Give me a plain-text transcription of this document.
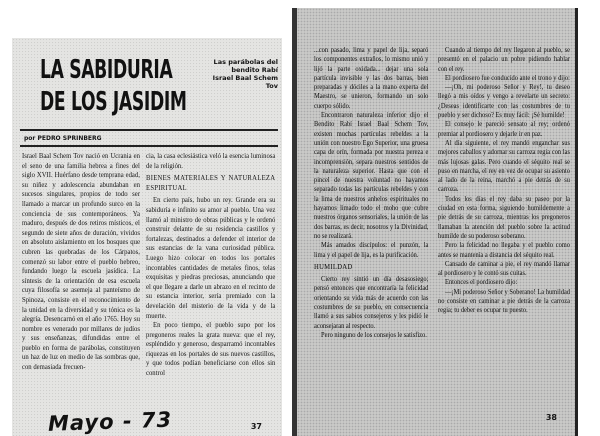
LA SABIDURIA
DE LOS JASIDIM
Las parábolas del bendito Rabí Israel Baal Schem Tov
por PEDRO SPRINBERG

Israel Baal Schem Tov nació en Ucrania en el seno de una familia hebrea a fines del siglo XVII. Huérfano desde temprana edad, su niñez y adolescencia abundaban en sucesos singulares, propios de todo ser llamado a marcar un profundo surco en la conciencia de sus contemporáneos. Ya maduro, después de dos retiros místicos, el segundo de siete años de duración, vividos en absoluto aislamiento en los bosques que cubren las quebradas de los Cárpatos, comenzó su labor entre el pueblo hebreo, fundando luego la escuela jasídica. La síntesis de la orientación de esa escuela cuya filosofía se asemeja al panteísmo de Spinoza, consiste en el reconocimiento de la unidad en la diversidad y su tónica es la alegría. Desencarnó en el año 1765. Hoy su nombre es venerado por millares de judíos y sus enseñanzas, difundidas entre el pueblo en forma de parábolas, constituyen un haz de luz en medio de las sombras que, con demasiada frecuen-

Mayo - 73

cia, la casa eclesiástica veló la esencia luminosa de la religión.

BIENES MATERIALES Y NATURALEZA ESPIRITUAL

En cierto país, hubo un rey. Grande era su sabiduría e infinito su amor al pueblo. Una vez llamó al ministro de obras públicas y le ordenó construir delante de su residencia castillos y fortalezas, destinados a defender el interior de sus estancias de la vana curiosidad pública. Luego hizo colocar en todos los portales incontables cantidades de metales finos, telas exquisitas y piedras preciosas, anunciando que el que llegare a darle un abrazo en el recinto de su estancia interior, sería premiado con la develación del misterio de la vida y de la muerte.

En poco tiempo, el pueblo supo por los pregoneros reales la grata nueva: que el rey, espléndido y generoso, desparramó incontables riquezas en los portales de sus nuevos castillos, y que todos podían beneficiarse con ellos sin control

37

...con pasado, lima y papel de lija, separó los componentes extraños, lo mismo unió y lijó la parte oxidada... dejar una sola partícula invisible y las dos barras, bien preparadas y dóciles a la mano experta del Maestro, se unieron, formando un solo cuerpo sólido.

Encontraron naturaleza inferior dijo el Bendito Rabí Israel Baal Schem Tov, existen muchas partículas rebeldes a la unión con nuestro Ego Superior, una gruesa capa de orín, formada por nuestra pereza e incomprensión, separa nuestros sentidos de la naturaleza superior. Hasta que con el pincel de nuestra voluntad no hayamos separado todas las partículas rebeldes y con la lima de nuestros anhelos espirituales no hayamos limado todo el moho que cubre nuestros órganos sensoriales, la unión de las dos barras, es decir, nosotros y la Divinidad, no se realizará.

Más amados discípulos: el punzón, la lima y el papel de lija, es la purificación.

HUMILDAD

Cierto rey sintió un día desasosiego; pensó entonces que encontraría la felicidad orientando su vida más de acuerdo con las costumbres de su pueblo, en consecuencia llamó a sus sabios consejeros y les pidió le aconsejaran al respecto.

Pero ninguno de los consejos le satisfizo.

Cuando al tiempo del rey llegaron al pueblo, se presentó en el palacio un pobre pidiendo hablar con el rey.

El pordiosero fue conducido ante el trono y dijo:

—¡Oh, mi poderoso Señor y Rey!, tu deseo llegó a mis oídos y vengo a revelarte un secreto: ¿Deseas identificarte con las costumbres de tu pueblo y ser dichoso? Es muy fácil: ¡Sé humilde!

El consejo le pareció sensato al rey; ordenó premiar al pordiosero y dejarle ir en paz.

Al día siguiente, el rey mandó enganchar sus mejores caballos y adornar su carroza regia con las más lujosas galas. Pero cuando el séquito real se puso en marcha, el rey en vez de ocupar su asiento al lado de la reina, marchó a pie detrás de su carroza.

Todos los días el rey daba su paseo por la ciudad en esta forma, siguiendo humildemente a pie detrás de su carroza, mientras los pregoneros llamaban la atención del pueblo sobre la actitud humilde de su poderoso soberano.

Pero la felicidad no llegaba y el pueblo como antes se mantenía a distancia del séquito real.

Cansado de caminar a pie, el rey mandó llamar al pordiosero y le contó sus cuitas.

Entonces el pordiosero dijo:

—¡Mi poderoso Señor y Soberano! La humildad no consiste en caminar a pie detrás de la carroza regia; tu deber es ocupar tu puesto.

38
